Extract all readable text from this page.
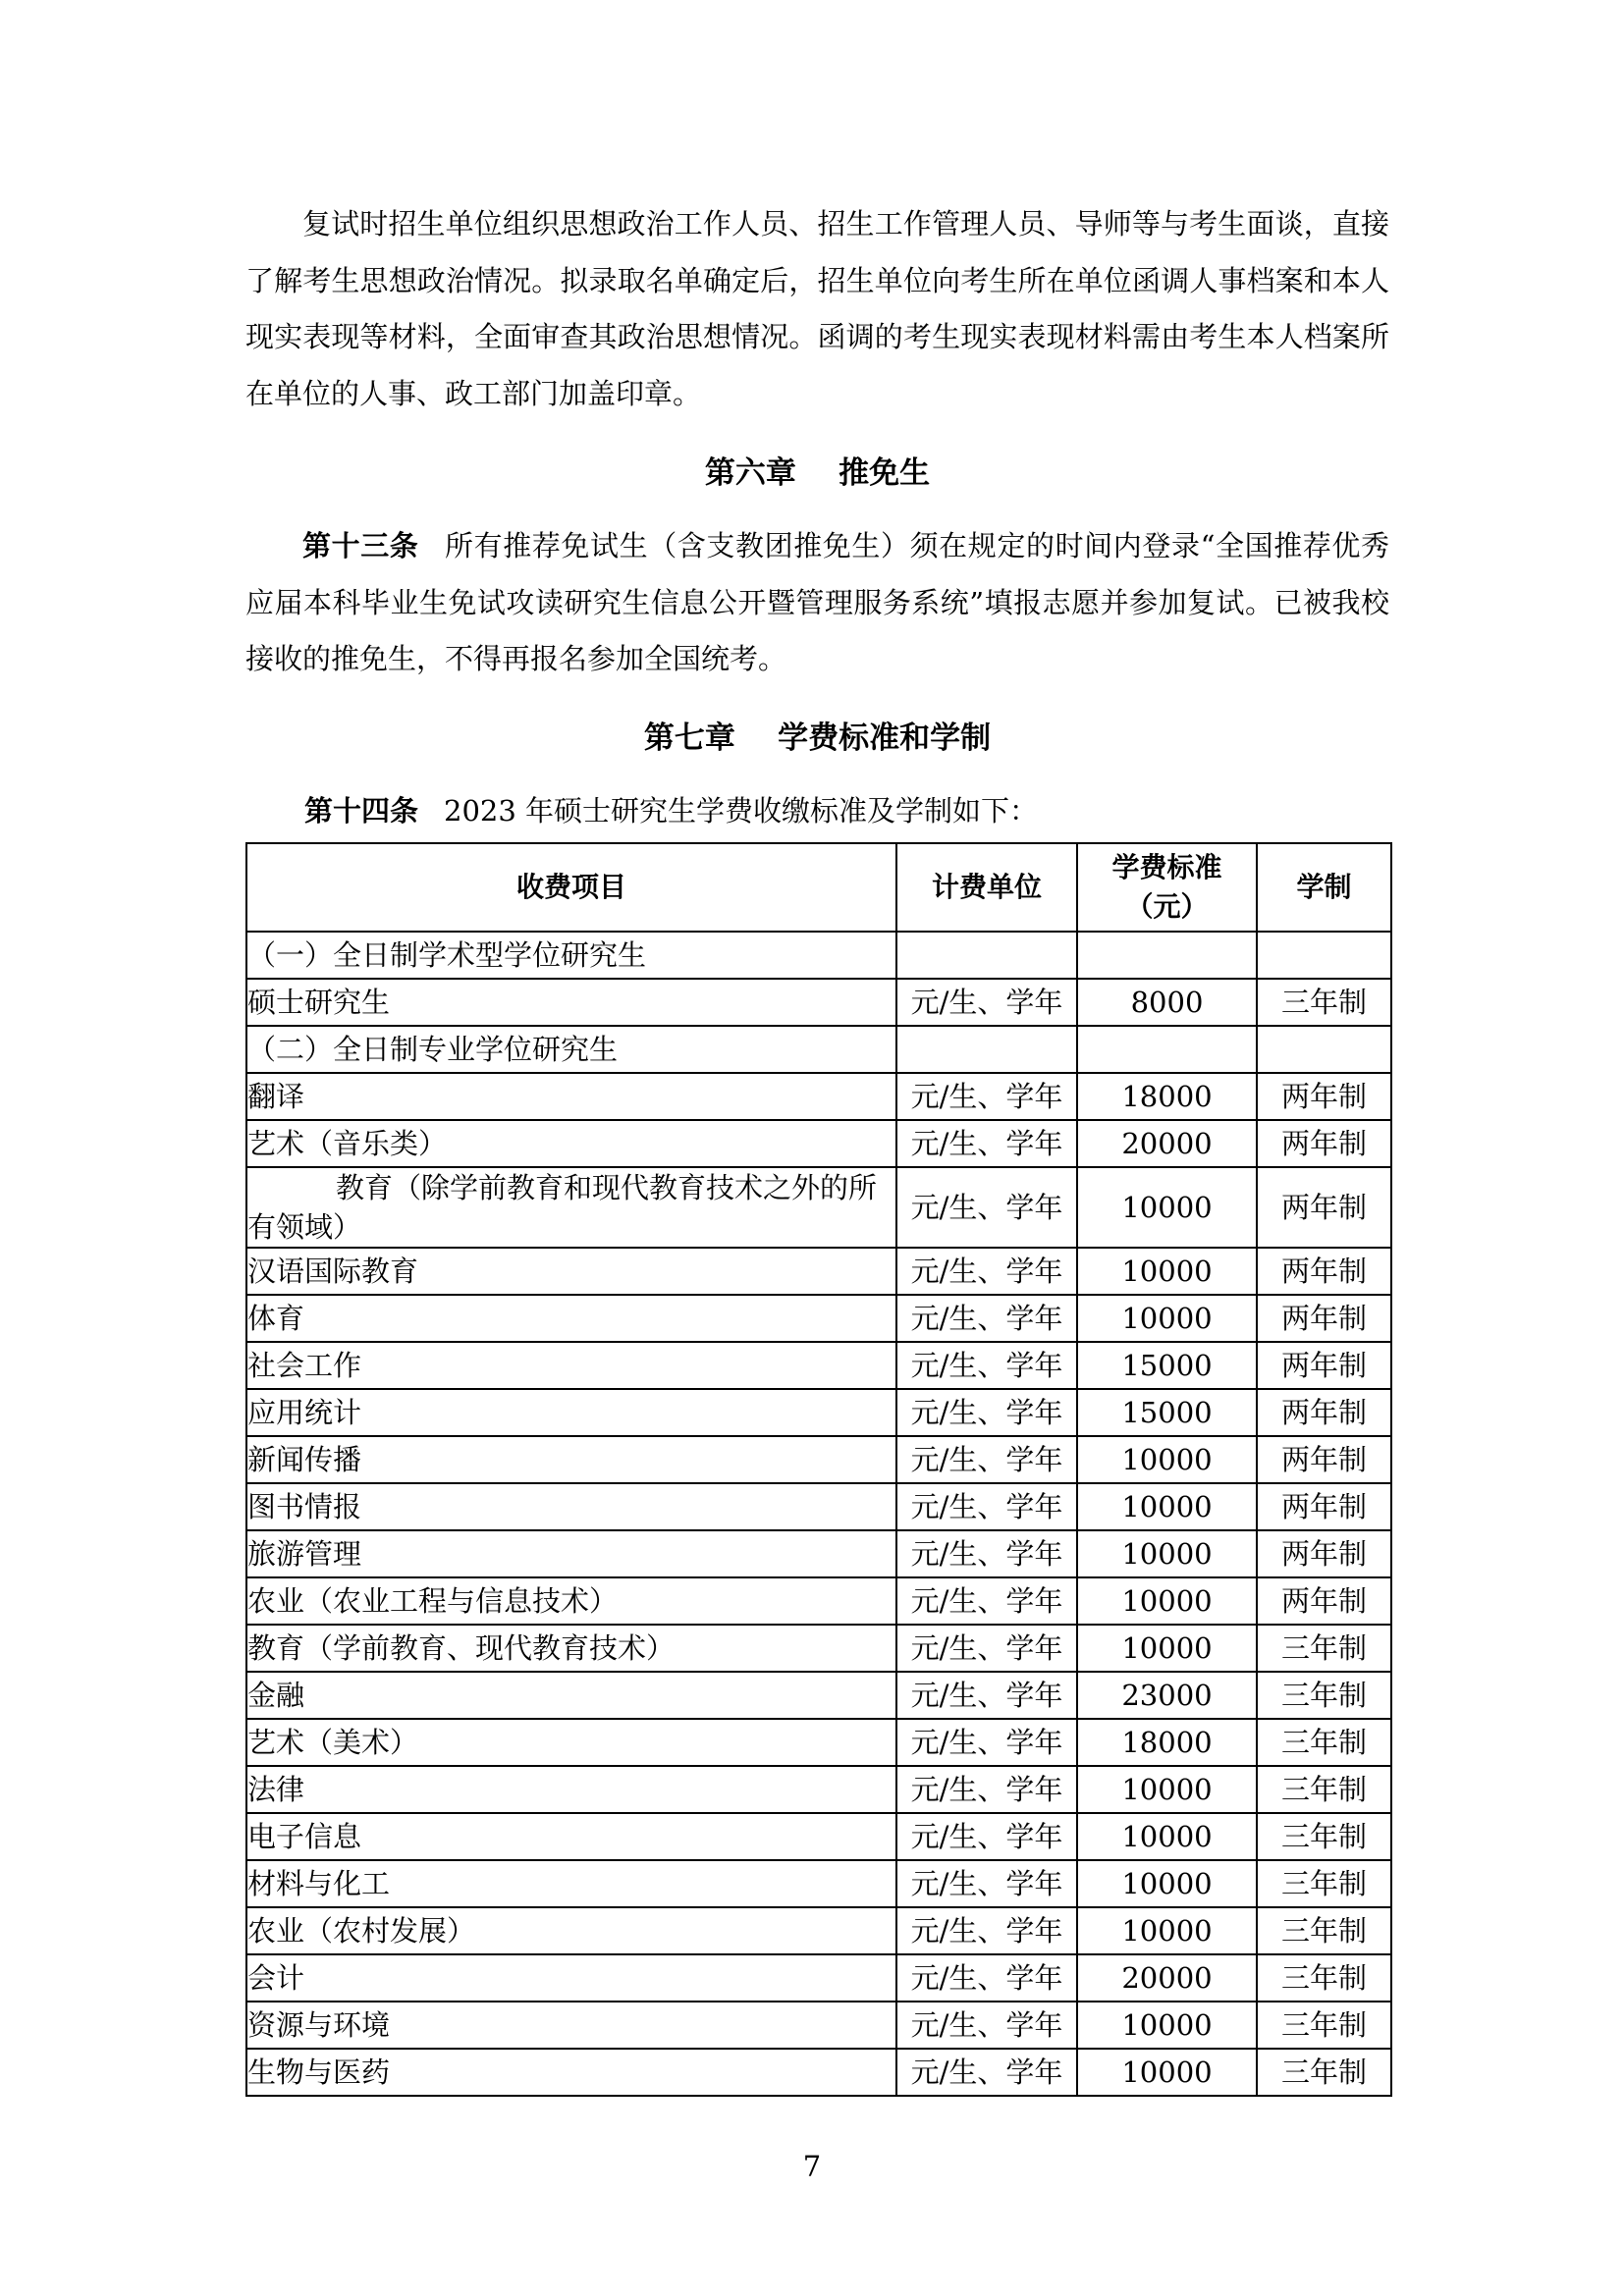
复试时招生单位组织思想政治工作人员、招生工作管理人员、导师等与考生面谈，直接了解考生思想政治情况。拟录取名单确定后，招生单位向考生所在单位函调人事档案和本人现实表现等材料，全面审查其政治思想情况。函调的考生现实表现材料需由考生本人档案所在单位的人事、政工部门加盖印章。

第六章    推免生

第十三条 所有推荐免试生（含支教团推免生）须在规定的时间内登录“全国推荐优秀应届本科毕业生免试攻读研究生信息公开暨管理服务系统”填报志愿并参加复试。已被我校接收的推免生，不得再报名参加全国统考。

第七章    学费标准和学制

第十四条 2023 年硕士研究生学费收缴标准及学制如下：

收费项目	计费单位	学费标准（元）	学制
（一）全日制学术型学位研究生			
硕士研究生	元/生、学年	8000	三年制
（二）全日制专业学位研究生			
翻译	元/生、学年	18000	两年制
艺术（音乐类）	元/生、学年	20000	两年制
教育（除学前教育和现代教育技术之外的所有领域）	元/生、学年	10000	两年制
汉语国际教育	元/生、学年	10000	两年制
体育	元/生、学年	10000	两年制
社会工作	元/生、学年	15000	两年制
应用统计	元/生、学年	15000	两年制
新闻传播	元/生、学年	10000	两年制
图书情报	元/生、学年	10000	两年制
旅游管理	元/生、学年	10000	两年制
农业（农业工程与信息技术）	元/生、学年	10000	两年制
教育（学前教育、现代教育技术）	元/生、学年	10000	三年制
金融	元/生、学年	23000	三年制
艺术（美术）	元/生、学年	18000	三年制
法律	元/生、学年	10000	三年制
电子信息	元/生、学年	10000	三年制
材料与化工	元/生、学年	10000	三年制
农业（农村发展）	元/生、学年	10000	三年制
会计	元/生、学年	20000	三年制
资源与环境	元/生、学年	10000	三年制
生物与医药	元/生、学年	10000	三年制

7
